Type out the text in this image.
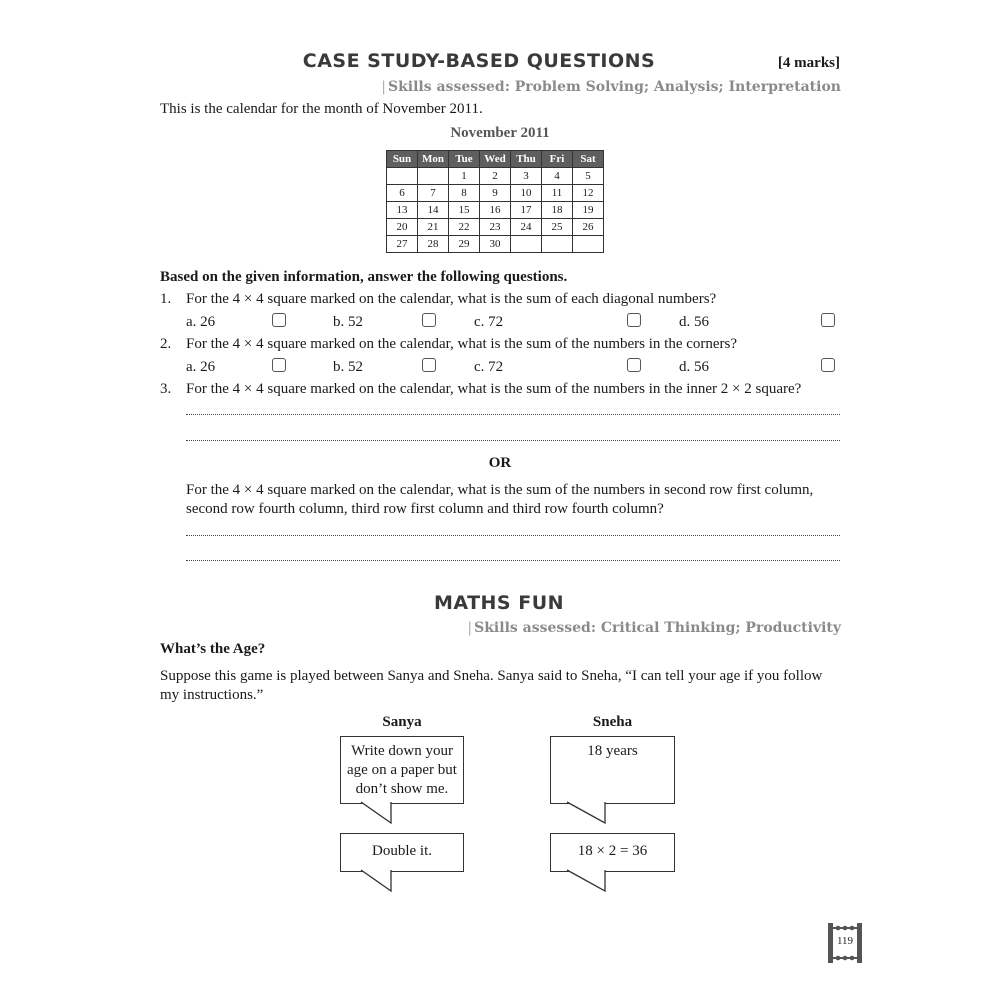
CASE STUDY-BASED QUESTIONS	[4 marks]
| Skills assessed: Problem Solving; Analysis; Interpretation
This is the calendar for the month of November 2011.
November 2011
Sun	Mon	Tue	Wed	Thu	Fri	Sat
		1	2	3	4	5
6	7	8	9	10	11	12
13	14	15	16	17	18	19
20	21	22	23	24	25	26
27	28	29	30			
Based on the given information, answer the following questions.
1. For the 4 × 4 square marked on the calendar, what is the sum of each diagonal numbers?
a. 26	b. 52	c. 72	d. 56
2. For the 4 × 4 square marked on the calendar, what is the sum of the numbers in the corners?
a. 26	b. 52	c. 72	d. 56
3. For the 4 × 4 square marked on the calendar, what is the sum of the numbers in the inner 2 × 2 square?
OR
For the 4 × 4 square marked on the calendar, what is the sum of the numbers in second row first column,
second row fourth column, third row first column and third row fourth column?
MATHS FUN
| Skills assessed: Critical Thinking; Productivity
What’s the Age?
Suppose this game is played between Sanya and Sneha. Sanya said to Sneha, “I can tell your age if you follow
my instructions.”
Sanya	Sneha
Write down your
age on a paper but
don’t show me.
18 years
Double it.	18 × 2 = 36
119
